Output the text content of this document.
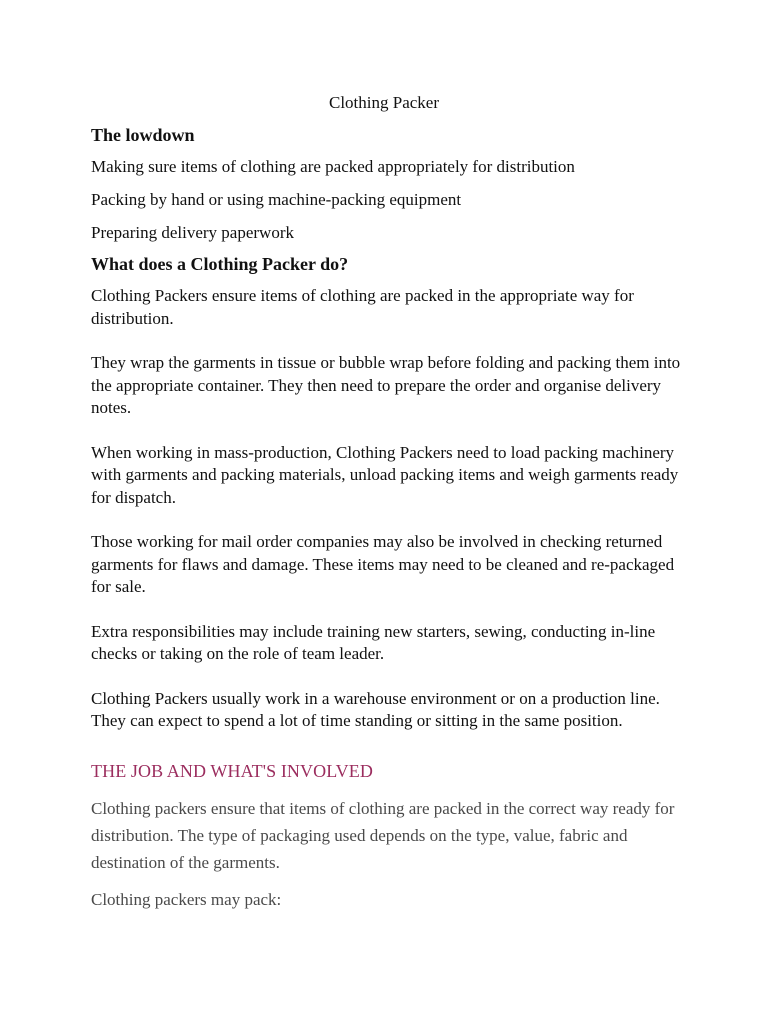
Clothing Packer
The lowdown
Making sure items of clothing are packed appropriately for distribution
Packing by hand or using machine-packing equipment
Preparing delivery paperwork
What does a Clothing Packer do?

Clothing Packers ensure items of clothing are packed in the appropriate way for distribution.

They wrap the garments in tissue or bubble wrap before folding and packing them into the appropriate container. They then need to prepare the order and organise delivery notes.

When working in mass-production, Clothing Packers need to load packing machinery with garments and packing materials, unload packing items and weigh garments ready for dispatch.

Those working for mail order companies may also be involved in checking returned garments for flaws and damage. These items may need to be cleaned and re-packaged for sale.

Extra responsibilities may include training new starters, sewing, conducting in-line checks or taking on the role of team leader.

Clothing Packers usually work in a warehouse environment or on a production line. They can expect to spend a lot of time standing or sitting in the same position.

THE JOB AND WHAT'S INVOLVED

Clothing packers ensure that items of clothing are packed in the correct way ready for distribution. The type of packaging used depends on the type, value, fabric and destination of the garments.

Clothing packers may pack:
